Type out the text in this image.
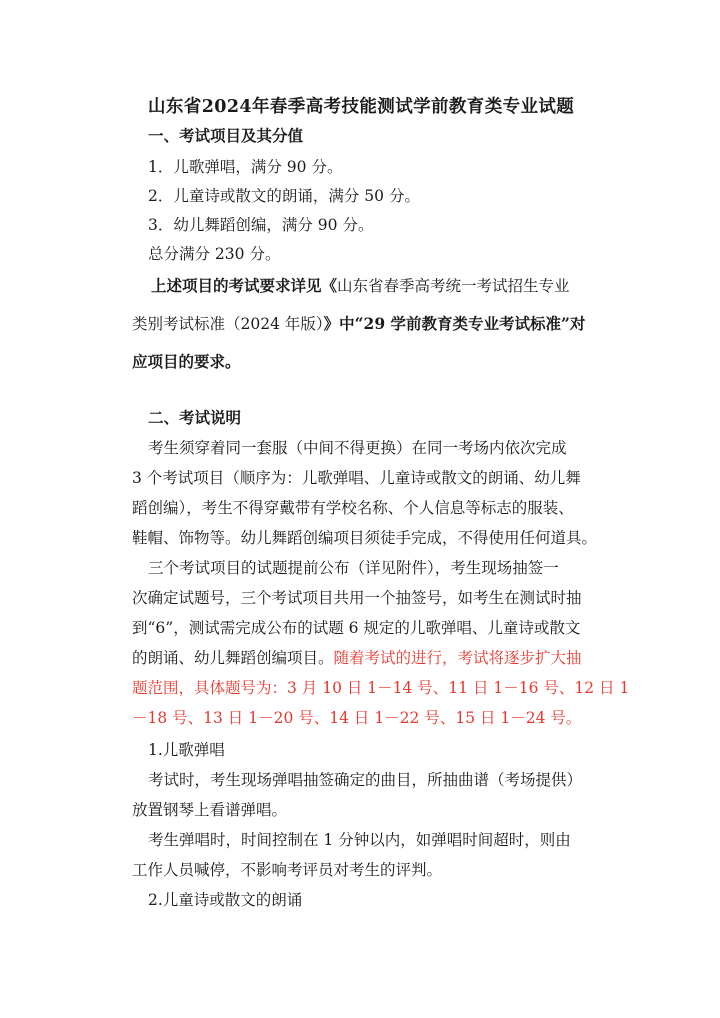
山东省2024年春季高考技能测试学前教育类专业试题
一、考试项目及其分值
1．儿歌弹唱，满分 90 分。
2．儿童诗或散文的朗诵，满分 50 分。
3．幼儿舞蹈创编，满分 90 分。
总分满分 230 分。
上述项目的考试要求详见《山东省春季高考统一考试招生专业
类别考试标准（2024 年版）》中“29 学前教育类专业考试标准”对
应项目的要求。
二、考试说明
考生须穿着同一套服（中间不得更换）在同一考场内依次完成
3 个考试项目（顺序为：儿歌弹唱、儿童诗或散文的朗诵、幼儿舞
蹈创编），考生不得穿戴带有学校名称、个人信息等标志的服装、
鞋帽、饰物等。幼儿舞蹈创编项目须徒手完成，不得使用任何道具。
三个考试项目的试题提前公布（详见附件），考生现场抽签一
次确定试题号，三个考试项目共用一个抽签号，如考生在测试时抽
到“6”，测试需完成公布的试题 6 规定的儿歌弹唱、儿童诗或散文
的朗诵、幼儿舞蹈创编项目。随着考试的进行，考试将逐步扩大抽
题范围，具体题号为：3 月 10 日 1－14 号、11 日 1－16 号、12 日 1
－18 号、13 日 1－20 号、14 日 1－22 号、15 日 1－24 号。
1.儿歌弹唱
考试时，考生现场弹唱抽签确定的曲目，所抽曲谱（考场提供）
放置钢琴上看谱弹唱。
考生弹唱时，时间控制在 1 分钟以内，如弹唱时间超时，则由
工作人员喊停，不影响考评员对考生的评判。
2.儿童诗或散文的朗诵
